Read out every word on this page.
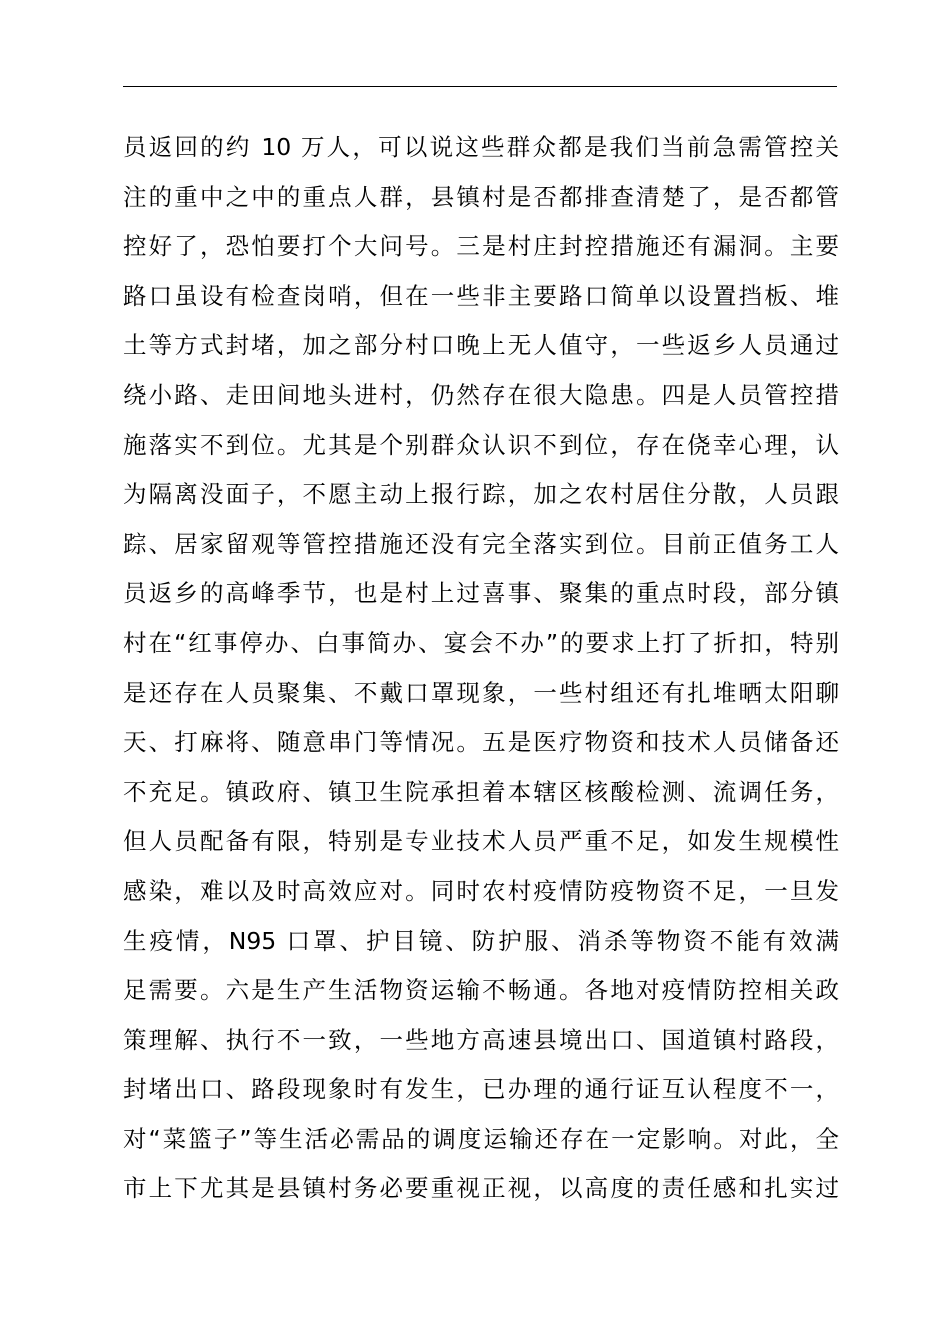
员返回的约 10 万人，可以说这些群众都是我们当前急需管控关
注的重中之中的重点人群，县镇村是否都排查清楚了，是否都管
控好了，恐怕要打个大问号。三是村庄封控措施还有漏洞。主要
路口虽设有检查岗哨，但在一些非主要路口简单以设置挡板、堆
土等方式封堵，加之部分村口晚上无人值守，一些返乡人员通过
绕小路、走田间地头进村，仍然存在很大隐患。四是人员管控措
施落实不到位。尤其是个别群众认识不到位，存在侥幸心理，认
为隔离没面子，不愿主动上报行踪，加之农村居住分散，人员跟
踪、居家留观等管控措施还没有完全落实到位。目前正值务工人
员返乡的高峰季节，也是村上过喜事、聚集的重点时段，部分镇
村在“红事停办、白事简办、宴会不办”的要求上打了折扣，特别
是还存在人员聚集、不戴口罩现象，一些村组还有扎堆晒太阳聊
天、打麻将、随意串门等情况。五是医疗物资和技术人员储备还
不充足。镇政府、镇卫生院承担着本辖区核酸检测、流调任务，
但人员配备有限，特别是专业技术人员严重不足，如发生规模性
感染，难以及时高效应对。同时农村疫情防疫物资不足，一旦发
生疫情，N95 口罩、护目镜、防护服、消杀等物资不能有效满
足需要。六是生产生活物资运输不畅通。各地对疫情防控相关政
策理解、执行不一致，一些地方高速县境出口、国道镇村路段，
封堵出口、路段现象时有发生，已办理的通行证互认程度不一，
对“菜篮子”等生活必需品的调度运输还存在一定影响。对此，全
市上下尤其是县镇村务必要重视正视，以高度的责任感和扎实过
